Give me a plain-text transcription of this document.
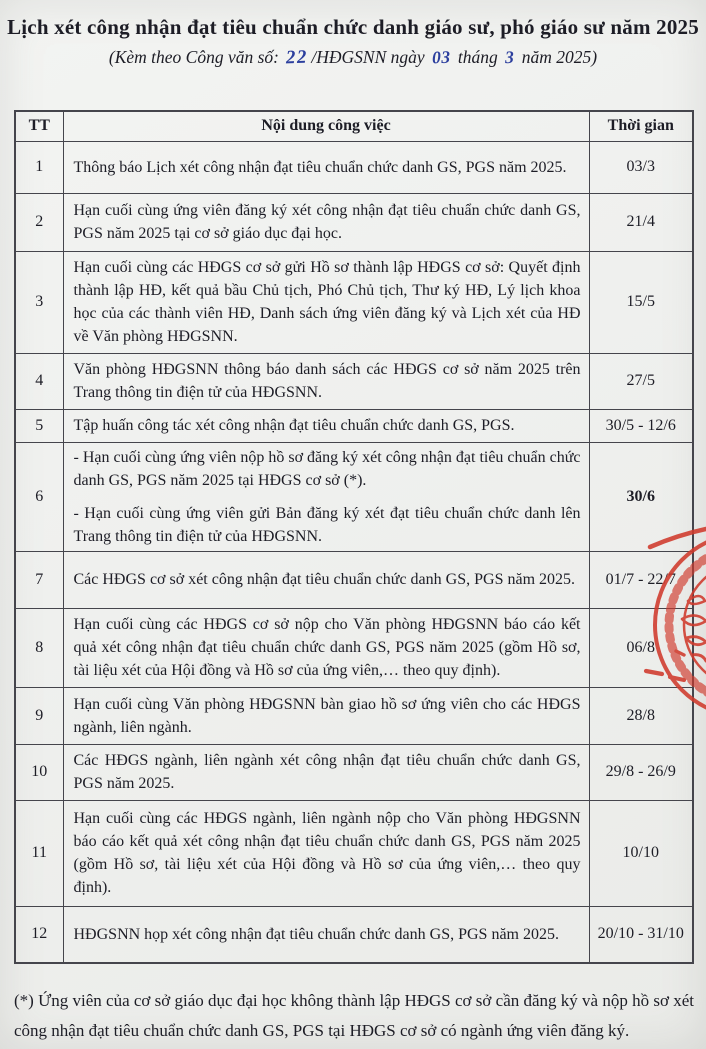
Lịch xét công nhận đạt tiêu chuẩn chức danh giáo sư, phó giáo sư năm 2025
(Kèm theo Công văn số: 22 /HĐGSNN ngày 03 tháng 3 năm 2025)
TT	Nội dung công việc	Thời gian
1	Thông báo Lịch xét công nhận đạt tiêu chuẩn chức danh GS, PGS năm 2025.	03/3
2	Hạn cuối cùng ứng viên đăng ký xét công nhận đạt tiêu chuẩn chức danh GS, PGS năm 2025 tại cơ sở giáo dục đại học.	21/4
3	Hạn cuối cùng các HĐGS cơ sở gửi Hồ sơ thành lập HĐGS cơ sở: Quyết định thành lập HĐ, kết quả bầu Chủ tịch, Phó Chủ tịch, Thư ký HĐ, Lý lịch khoa học của các thành viên HĐ, Danh sách ứng viên đăng ký và Lịch xét của HĐ về Văn phòng HĐGSNN.	15/5
4	Văn phòng HĐGSNN thông báo danh sách các HĐGS cơ sở năm 2025 trên Trang thông tin điện tử của HĐGSNN.	27/5
5	Tập huấn công tác xét công nhận đạt tiêu chuẩn chức danh GS, PGS.	30/5 - 12/6
6	- Hạn cuối cùng ứng viên nộp hồ sơ đăng ký xét công nhận đạt tiêu chuẩn chức danh GS, PGS năm 2025 tại HĐGS cơ sở (*).
- Hạn cuối cùng ứng viên gửi Bản đăng ký xét đạt tiêu chuẩn chức danh lên Trang thông tin điện tử của HĐGSNN.	30/6
7	Các HĐGS cơ sở xét công nhận đạt tiêu chuẩn chức danh GS, PGS năm 2025.	01/7 - 22/7
8	Hạn cuối cùng các HĐGS cơ sở nộp cho Văn phòng HĐGSNN báo cáo kết quả xét công nhận đạt tiêu chuẩn chức danh GS, PGS năm 2025 (gồm Hồ sơ, tài liệu xét của Hội đồng và Hồ sơ của ứng viên,… theo quy định).	06/8
9	Hạn cuối cùng Văn phòng HĐGSNN bàn giao hồ sơ ứng viên cho các HĐGS ngành, liên ngành.	28/8
10	Các HĐGS ngành, liên ngành xét công nhận đạt tiêu chuẩn chức danh GS, PGS năm 2025.	29/8 - 26/9
11	Hạn cuối cùng các HĐGS ngành, liên ngành nộp cho Văn phòng HĐGSNN báo cáo kết quả xét công nhận đạt tiêu chuẩn chức danh GS, PGS năm 2025 (gồm Hồ sơ, tài liệu xét của Hội đồng và Hồ sơ của ứng viên,… theo quy định).	10/10
12	HĐGSNN họp xét công nhận đạt tiêu chuẩn chức danh GS, PGS năm 2025.	20/10 - 31/10
(*) Ứng viên của cơ sở giáo dục đại học không thành lập HĐGS cơ sở cần đăng ký và nộp hồ sơ xét công nhận đạt tiêu chuẩn chức danh GS, PGS tại HĐGS cơ sở có ngành ứng viên đăng ký.
